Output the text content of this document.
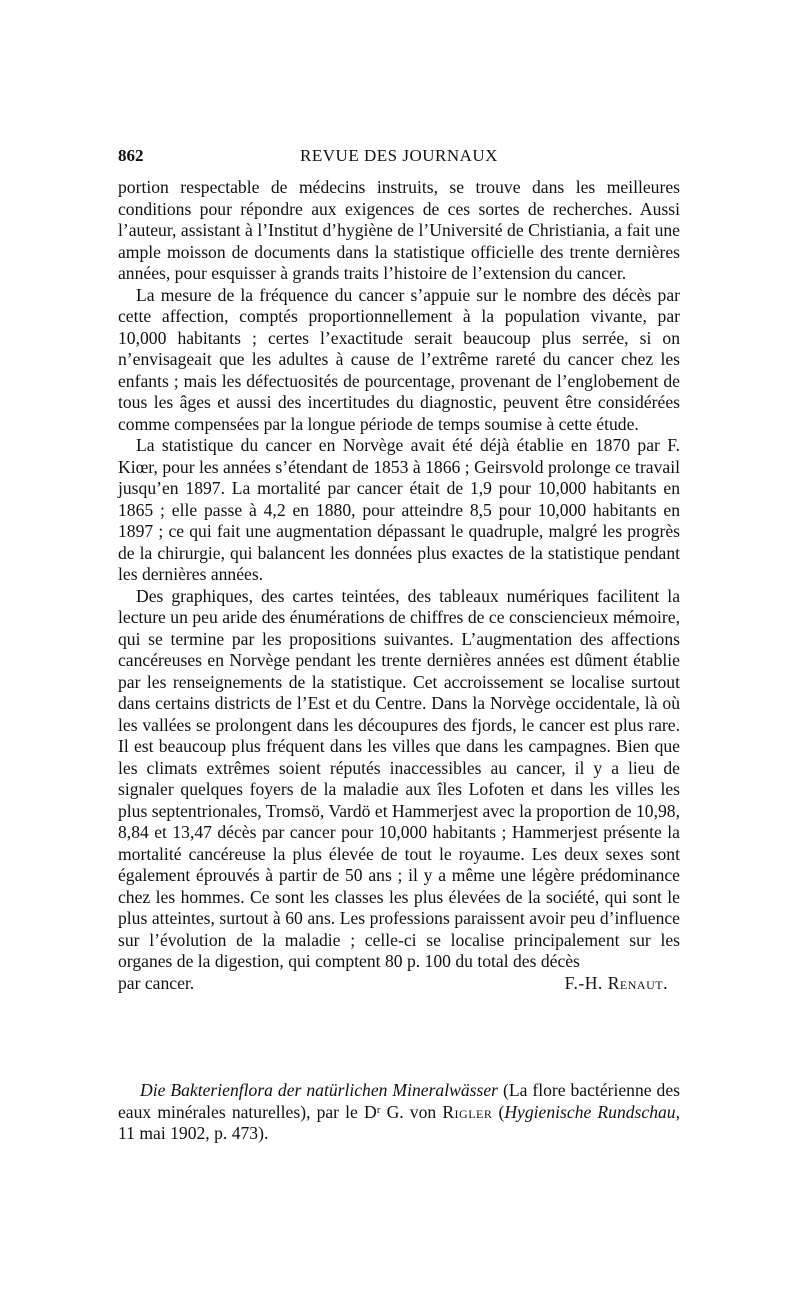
862	REVUE DES JOURNAUX

portion respectable de médecins instruits, se trouve dans les meilleures conditions pour répondre aux exigences de ces sortes de recherches. Aussi l’auteur, assistant à l’Institut d’hygiène de l’Université de Christiania, a fait une ample moisson de documents dans la statistique officielle des trente dernières années, pour esquisser à grands traits l’histoire de l’extension du cancer.

La mesure de la fréquence du cancer s’appuie sur le nombre des décès par cette affection, comptés proportionnellement à la population vivante, par 10,000 habitants ; certes l’exactitude serait beaucoup plus serrée, si on n’envisageait que les adultes à cause de l’extrême rareté du cancer chez les enfants ; mais les défectuosités de pourcentage, provenant de l’englobement de tous les âges et aussi des incertitudes du diagnostic, peuvent être considérées comme compensées par la longue période de temps soumise à cette étude.

La statistique du cancer en Norvège avait été déjà établie en 1870 par F. Kiœr, pour les années s’étendant de 1853 à 1866 ; Geirsvold prolonge ce travail jusqu’en 1897. La mortalité par cancer était de 1,9 pour 10,000 habitants en 1865 ; elle passe à 4,2 en 1880, pour atteindre 8,5 pour 10,000 habitants en 1897 ; ce qui fait une augmentation dépassant le quadruple, malgré les progrès de la chirurgie, qui balancent les données plus exactes de la statistique pendant les dernières années.

Des graphiques, des cartes teintées, des tableaux numériques facilitent la lecture un peu aride des énumérations de chiffres de ce consciencieux mémoire, qui se termine par les propositions suivantes. L’augmentation des affections cancéreuses en Norvège pendant les trente dernières années est dûment établie par les renseignements de la statistique. Cet accroissement se localise surtout dans certains districts de l’Est et du Centre. Dans la Norvège occidentale, là où les vallées se prolongent dans les découpures des fjords, le cancer est plus rare. Il est beaucoup plus fréquent dans les villes que dans les campagnes. Bien que les climats extrêmes soient réputés inaccessibles au cancer, il y a lieu de signaler quelques foyers de la maladie aux îles Lofoten et dans les villes les plus septentrionales, Tromsö, Vardö et Hammerjest avec la proportion de 10,98, 8,84 et 13,47 décès par cancer pour 10,000 habitants ; Hammerjest présente la mortalité cancéreuse la plus élevée de tout le royaume. Les deux sexes sont également éprouvés à partir de 50 ans ; il y a même une légère prédominance chez les hommes. Ce sont les classes les plus élevées de la société, qui sont le plus atteintes, surtout à 60 ans. Les professions paraissent avoir peu d’influence sur l’évolution de la maladie ; celle-ci se localise principalement sur les organes de la digestion, qui comptent 80 p. 100 du total des décès

par cancer.	F.-H. Renaut.

Die Bakterienflora der natürlichen Mineralwässer (La flore bactérienne des eaux minérales naturelles), par le Dʳ G. von Rigler (Hygienische Rundschau, 11 mai 1902, p. 473).
